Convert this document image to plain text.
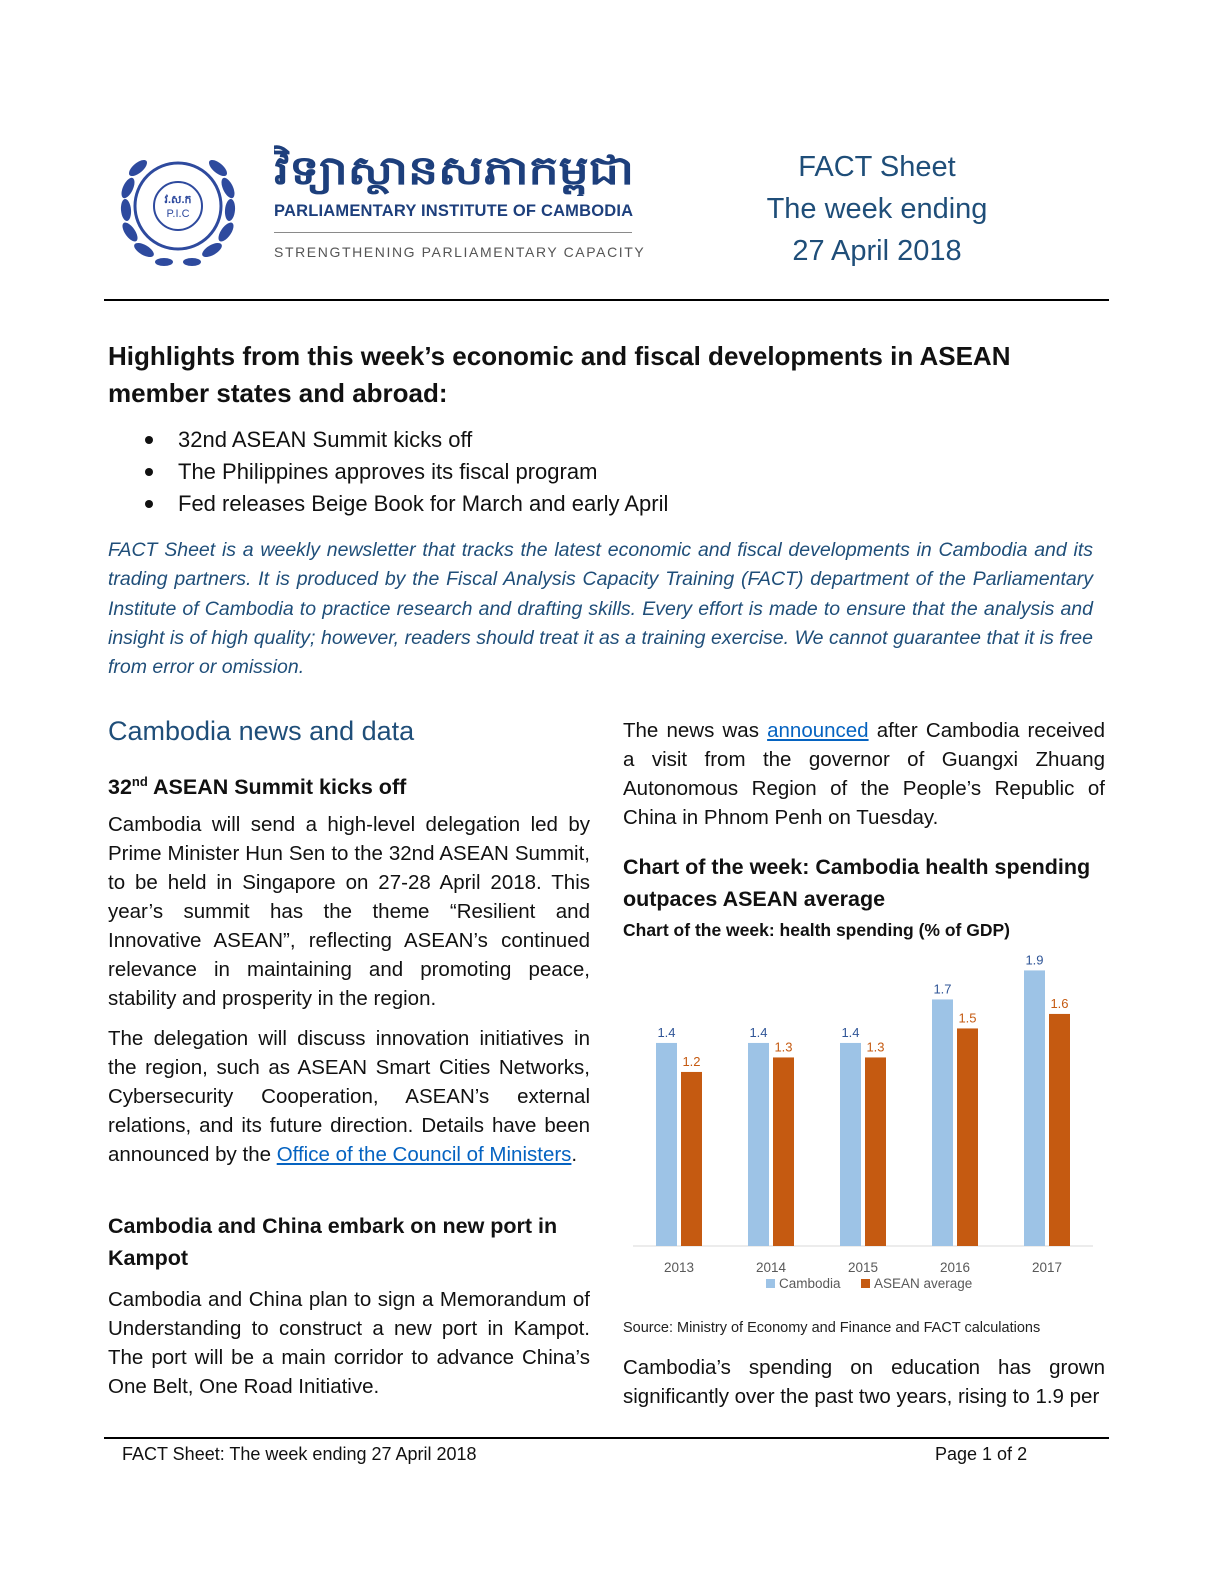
វ.ស.ក
P.I.C
វិទ្យាស្ថានសភាកម្ពុជា
PARLIAMENTARY INSTITUTE OF CAMBODIA
STRENGTHENING PARLIAMENTARY CAPACITY
FACT Sheet
The week ending
27 April 2018
Highlights from this week’s economic and fiscal developments in ASEAN member states and abroad:
32nd ASEAN Summit kicks off
The Philippines approves its fiscal program
Fed releases Beige Book for March and early April
FACT Sheet is a weekly newsletter that tracks the latest economic and fiscal developments in Cambodia and its trading partners. It is produced by the Fiscal Analysis Capacity Training (FACT) department of the Parliamentary Institute of Cambodia to practice research and drafting skills. Every effort is made to ensure that the analysis and insight is of high quality; however, readers should treat it as a training exercise. We cannot guarantee that it is free from error or omission.
Cambodia news and data
32nd ASEAN Summit kicks off
Cambodia will send a high-level delegation led by Prime Minister Hun Sen to the 32nd ASEAN Summit, to be held in Singapore on 27-28 April 2018. This year’s summit has the theme “Resilient and Innovative ASEAN”, reflecting ASEAN’s continued relevance in maintaining and promoting peace, stability and prosperity in the region.
The delegation will discuss innovation initiatives in the region, such as ASEAN Smart Cities Networks, Cybersecurity Cooperation, ASEAN’s external relations, and its future direction. Details have been announced by the Office of the Council of Ministers.
Cambodia and China embark on new port in Kampot
Cambodia and China plan to sign a Memorandum of Understanding to construct a new port in Kampot. The port will be a main corridor to advance China’s One Belt, One Road Initiative.
The news was announced after Cambodia received a visit from the governor of Guangxi Zhuang Autonomous Region of the People’s Republic of China in Phnom Penh on Tuesday.
Chart of the week: Cambodia health spending outpaces ASEAN average
Chart of the week: health spending (% of GDP)
1.4
1.2
2013
1.4
1.3
2014
1.4
1.3
2015
1.7
1.5
2016
1.9
1.6
2017
Cambodia ASEAN average
Source: Ministry of Economy and Finance and FACT calculations
Cambodia’s spending on education has grown significantly over the past two years, rising to 1.9 per
FACT Sheet: The week ending 27 April 2018	Page 1 of 2
